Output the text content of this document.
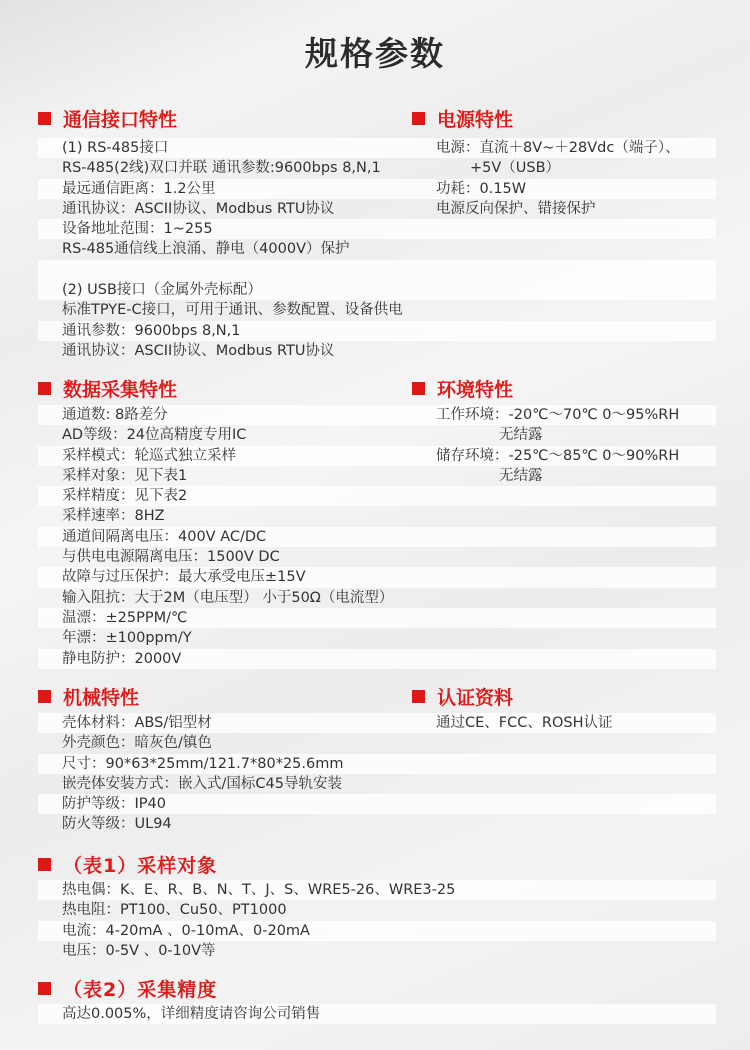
规格参数
通信接口特性
(1) RS-485接口
RS-485(2线)双口并联 通讯参数:9600bps 8,N,1
最远通信距离：1.2公里
通讯协议：ASCII协议、Modbus RTU协议
设备地址范围：1~255
RS-485通信线上浪涌、静电（4000V）保护
(2) USB接口（金属外壳标配）
标准TPYE-C接口，可用于通讯、参数配置、设备供电
通讯参数：9600bps 8,N,1
通讯协议：ASCII协议、Modbus RTU协议
电源特性
电源：直流＋8V~＋28Vdc（端子）、
+5V（USB）
功耗：0.15W
电源反向保护、错接保护
数据采集特性
通道数: 8路差分
AD等级：24位高精度专用IC
采样模式：轮巡式独立采样
采样对象：见下表1
采样精度：见下表2
采样速率：8HZ
通道间隔离电压：400V AC/DC
与供电电源隔离电压：1500V DC
故障与过压保护：最大承受电压±15V
输入阻抗：大于2M（电压型） 小于50Ω（电流型）
温漂：±25PPM/℃
年漂：±100ppm/Y
静电防护：2000V
环境特性
工作环境：-20℃～70℃ 0～95%RH
无结露
储存环境：-25℃～85℃ 0～90%RH
无结露
机械特性
壳体材料：ABS/铝型材
外壳颜色：暗灰色/镇色
尺寸：90*63*25mm/121.7*80*25.6mm
嵌壳体安装方式：嵌入式/国标C45导轨安装
防护等级：IP40
防火等级：UL94
认证资料
通过CE、FCC、ROSH认证
（表1）采样对象
热电偶：K、E、R、B、N、T、J、S、WRE5-26、WRE3-25
热电阻：PT100、Cu50、PT1000
电流：4-20mA 、0-10mA、0-20mA
电压：0-5V 、0-10V等
（表2）采集精度
高达0.005%，详细精度请咨询公司销售
